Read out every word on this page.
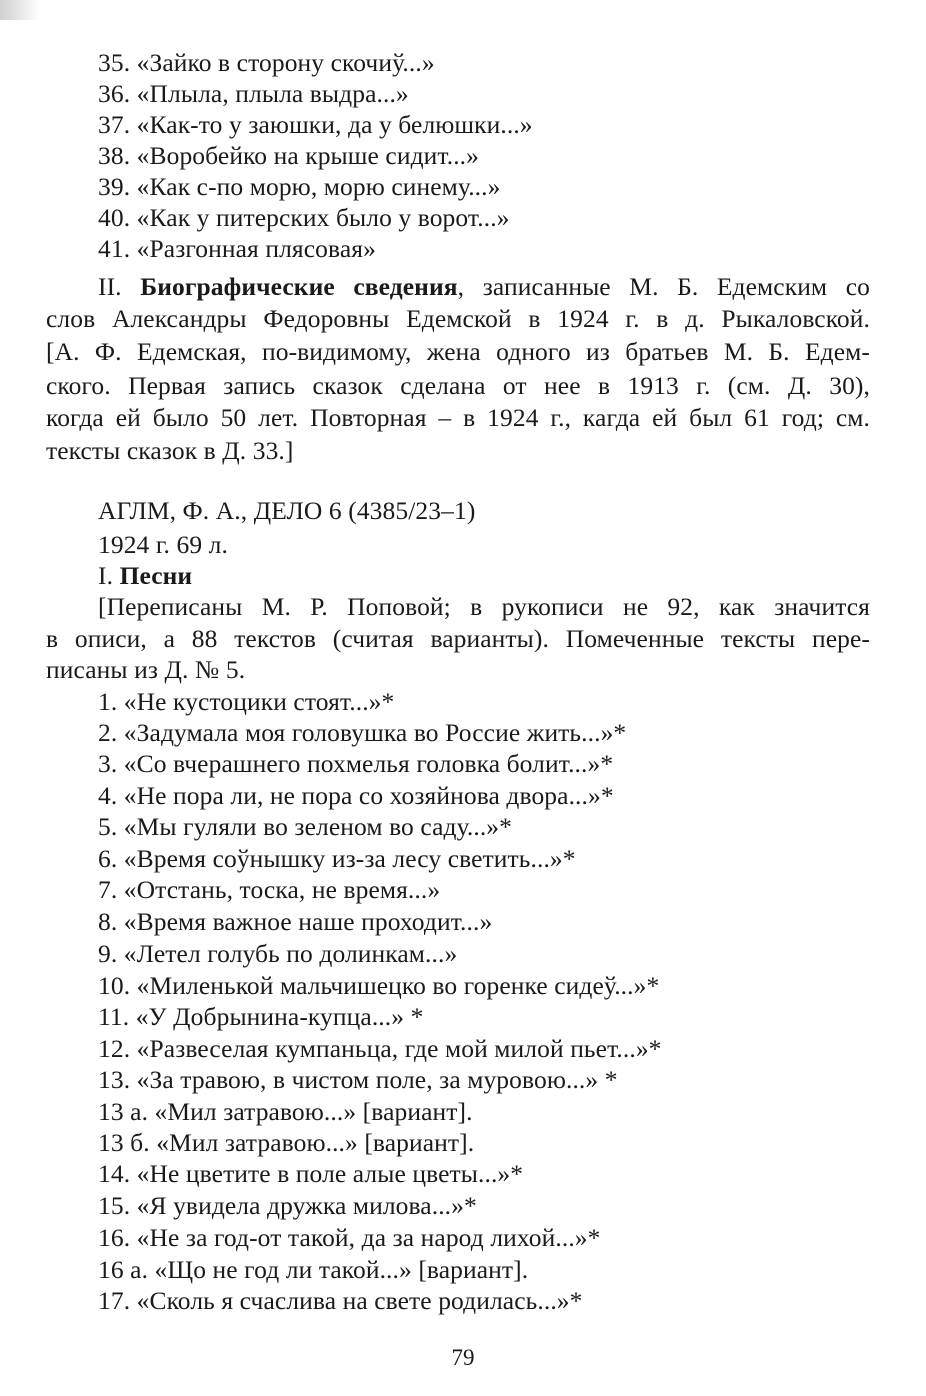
35. «Зайко в сторону скочиў...»
36. «Плыла, плыла выдра...»
37. «Как-то у заюшки, да у белюшки...»
38. «Воробейко на крыше сидит...»
39. «Как с-по морю, морю синему...»
40. «Как у питерских было у ворот...»
41. «Разгонная плясовая»
II. Биографические сведения, записанные М. Б. Едемским со
слов Александры Федоровны Едемской в 1924 г. в д. Рыкаловской.
[А. Ф. Едемская, по-видимому, жена одного из братьев М. Б. Едем-
ского. Первая запись сказок сделана от нее в 1913 г. (см. Д. 30),
когда ей было 50 лет. Повторная – в 1924 г., кагда ей был 61 год; см.
тексты сказок в Д. 33.]
АГЛМ, Ф. А., ДЕЛО 6 (4385/23–1)
1924 г. 69 л.
I. Песни
[Переписаны М. Р. Поповой; в рукописи не 92, как значится
в описи, а 88 текстов (считая варианты). Помеченные тексты пере-
писаны из Д. № 5.
1. «Не кустоцики стоят...»*
2. «Задумала моя головушка во Россие жить...»*
3. «Со вчерашнего похмелья головка болит...»*
4. «Не пора ли, не пора со хозяйнова двора...»*
5. «Мы гуляли во зеленом во саду...»*
6. «Время соўнышку из-за лесу светить...»*
7. «Отстань, тоска, не время...»
8. «Время важное наше проходит...»
9. «Летел голубь по долинкам...»
10. «Миленькой мальчишецко во горенке сидеў...»*
11. «У Добрынина-купца...» *
12. «Развеселая кумпаньца, где мой милой пьет...»*
13. «За травою, в чистом поле, за муровою...» *
13 а. «Мил затравою...» [вариант].
13 б. «Мил затравою...» [вариант].
14. «Не цветите в поле алые цветы...»*
15. «Я увидела дружка милова...»*
16. «Не за год-от такой, да за народ лихой...»*
16 а. «Що не год ли такой...» [вариант].
17. «Сколь я счаслива на свете родилась...»*
79
